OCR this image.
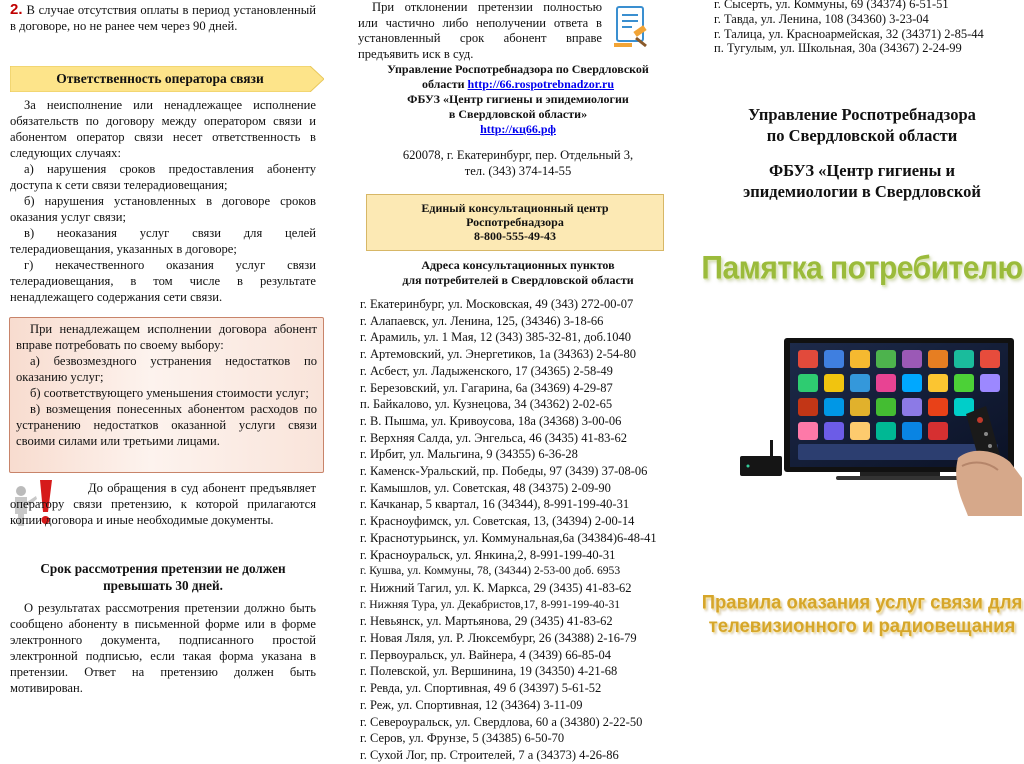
2. В случае отсутствия оплаты в период установленный в договоре, но не ранее чем через 90 дней.

Ответственность оператора связи

За неисполнение или ненадлежащее исполнение обязательств по договору между оператором связи и абонентом оператор связи несет ответственность в следующих случаях:

а) нарушения сроков предоставления абоненту доступа к сети связи телерадиовещания;

б) нарушения установленных в договоре сроков оказания услуг связи;

в) неоказания услуг связи для целей телерадиовещания, указанных в договоре;

г) некачественного оказания услуг связи телерадиовещания, в том числе в результате ненадлежащего содержания сети связи.

При ненадлежащем исполнении договора абонент вправе потребовать по своему выбору:

а) безвозмездного устранения недостатков по оказанию услуг;

б) соответствующего уменьшения стоимости услуг;

в) возмещения понесенных абонентом расходов по устранению недостатков оказанной услуги связи своими силами или третьими лицами.

До обращения в суд абонент предъявляет оператору связи претензию, к которой прилагаются копии договора и иные необходимые документы.

Срок рассмотрения претензии не должен превышать 30 дней.

О результатах рассмотрения претензии должно быть сообщено абоненту в письменной форме или в форме электронного документа, подписанного простой электронной подписью, если такая форма указана в претензии. Ответ на претензию должен быть мотивирован.

При отклонении претензии полностью или частично либо неполучении ответа в установленный срок абонент вправе предъявить иск в суд.

Управление Роспотребнадзора по Свердловской
области http://66.rospotrebnadzor.ru
ФБУЗ «Центр гигиены и эпидемиологии
в Свердловской области»
http://кц66.рф
620078, г. Екатеринбург, пер. Отдельный 3,
тел. (343) 374-14-55
Единый консультационный центр
Роспотребнадзора
8-800-555-49-43
Адреса консультационных пунктов
для потребителей в Свердловской области
г. Екатеринбург, ул. Московская, 49 (343) 272-00-07
г. Алапаевск, ул. Ленина, 125, (34346) 3-18-66
г. Арамиль, ул. 1 Мая, 12 (343) 385-32-81, доб.1040
г. Артемовский, ул. Энергетиков, 1а (34363) 2-54-80
г. Асбест, ул. Ладыженского, 17 (34365) 2-58-49
г. Березовский, ул. Гагарина, 6а (34369) 4-29-87
п. Байкалово, ул. Кузнецова, 34 (34362) 2-02-65
г. В. Пышма, ул. Кривоусова, 18а (34368) 3-00-06
г. Верхняя Салда, ул. Энгельса, 46 (3435) 41-83-62
г. Ирбит, ул. Мальгина, 9 (34355) 6-36-28
г. Каменск-Уральский, пр. Победы, 97 (3439) 37-08-06
г. Камышлов, ул. Советская, 48 (34375) 2-09-90
г. Качканар, 5 квартал, 16 (34344), 8-991-199-40-31
г. Красноуфимск, ул. Советская, 13, (34394) 2-00-14
г. Краснотурьинск, ул. Коммунальная,6а (34384)6-48-41
г. Красноуральск, ул. Янкина,2, 8-991-199-40-31
г. Кушва, ул. Коммуны, 78, (34344) 2-53-00 доб. 6953
г. Нижний Тагил, ул. К. Маркса, 29 (3435) 41-83-62
г. Нижняя Тура, ул. Декабристов,17, 8-991-199-40-31
г. Невьянск, ул. Мартьянова, 29 (3435) 41-83-62
г. Новая Ляля, ул. Р. Люксембург, 26 (34388) 2-16-79
г. Первоуральск, ул. Вайнера, 4 (3439) 66-85-04
г. Полевской, ул. Вершинина, 19 (34350) 4-21-68
г. Ревда, ул. Спортивная, 49 б (34397) 5-61-52
г. Реж, ул. Спортивная, 12 (34364) 3-11-09
г. Североуральск, ул. Свердлова, 60 а (34380) 2-22-50
г. Серов, ул. Фрунзе, 5 (34385) 6-50-70
г. Сухой Лог, пр. Строителей, 7 а (34373) 4-26-86
г. Сысерть, ул. Коммуны, 69 (34374) 6-51-51
г. Тавда, ул. Ленина, 108 (34360) 3-23-04
г. Талица, ул. Красноармейская, 32 (34371) 2-85-44
п. Тугулым, ул. Школьная, 30а (34367) 2-24-99
Управление Роспотребнадзора
по Свердловской области
ФБУЗ «Центр гигиены и
эпидемиологии в Свердловской
Памятка потребителю
Правила оказания услуг связи для
телевизионного и радиовещания
